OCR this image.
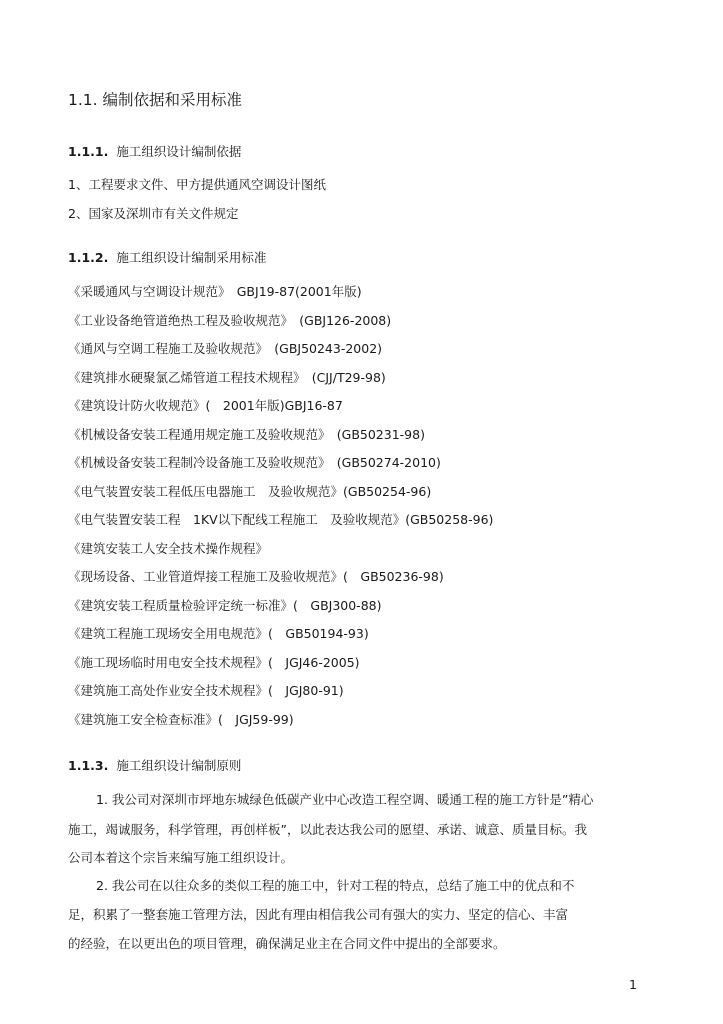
1.1. 编制依据和采用标准
1.1.1. 施工组织设计编制依据
1、工程要求文件、甲方提供通风空调设计图纸
2、国家及深圳市有关文件规定
1.1.2. 施工组织设计编制采用标准
《采暖通风与空调设计规范》　GBJ19-87(2001年版)
《工业设备绝管道绝热工程及验收规范》　(GBJ126-2008)
《通风与空调工程施工及验收规范》　(GBJ50243-2002)
《建筑排水硬聚氯乙烯管道工程技术规程》　(CJJ/T29-98)
《建筑设计防火收规范》(　2001年版)GBJ16-87
《机械设备安装工程通用规定施工及验收规范》　(GB50231-98)
《机械设备安装工程制冷设备施工及验收规范》　(GB50274-2010)
《电气装置安装工程低压电器施工　及验收规范》(GB50254-96)
《电气装置安装工程　1KV以下配线工程施工　及验收规范》(GB50258-96)
《建筑安装工人安全技术操作规程》
《现场设备、工业管道焊接工程施工及验收规范》(　GB50236-98)
《建筑安装工程质量检验评定统一标准》(　GBJ300-88)
《建筑工程施工现场安全用电规范》(　GB50194-93)
《施工现场临时用电安全技术规程》(　JGJ46-2005)
《建筑施工高处作业安全技术规程》(　JGJ80-91)
《建筑施工安全检查标准》(　JGJ59-99)
1.1.3. 施工组织设计编制原则
1. 我公司对深圳市坪地东城绿色低碳产业中心改造工程空调、暖通工程的施工方针是”精心
施工，竭诚服务，科学管理，再创样板”，以此表达我公司的愿望、承诺、诚意、质量目标。我
公司本着这个宗旨来编写施工组织设计。
2. 我公司在以往众多的类似工程的施工中，针对工程的特点，总结了施工中的优点和不
足，积累了一整套施工管理方法，因此有理由相信我公司有强大的实力、坚定的信心、丰富
的经验，在以更出色的项目管理，确保满足业主在合同文件中提出的全部要求。
1
